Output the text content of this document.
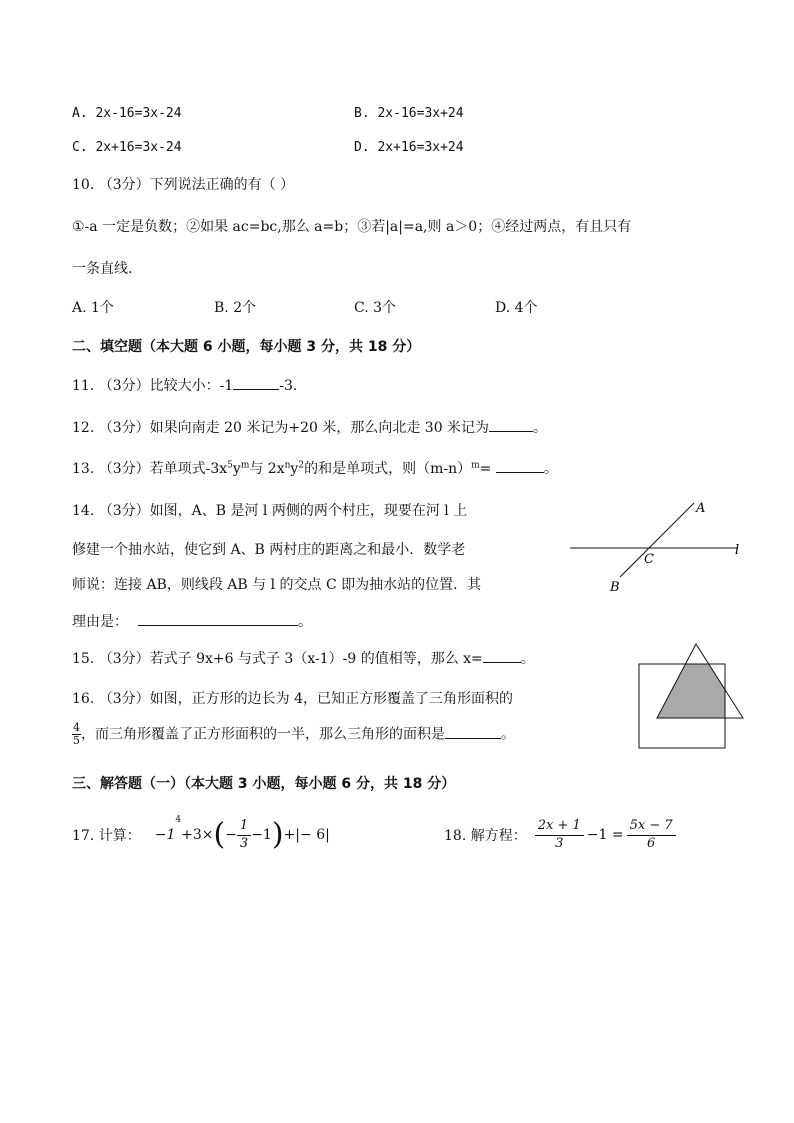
A. 2x-16=3x-24	B. 2x-16=3x+24
C. 2x+16=3x-24	D. 2x+16=3x+24
10. （3分）下列说法正确的有（ ）
①-a 一定是负数；②如果 ac=bc,那么 a=b；③若|a|=a,则 a＞0；④经过两点，有且只有
一条直线.
A. 1个	B. 2个	C. 3个	D. 4个
二、填空题（本大题 6 小题，每小题 3 分，共 18 分）
11. （3分）比较大小：-1	-3.
12. （3分）如果向南走 20 米记为+20 米，那么向北走 30 米记为	。
13. （3分）若单项式$-3x^5y^m$与 $2x^ny^2$的和是单项式，则$(m-n)^m=$	。
14. （3分）如图，A、B 是河 l 两侧的两个村庄，现要在河 l 上
修建一个抽水站，使它到 A、B 两村庄的距离之和最小．数学老
师说：连接 AB，则线段 AB 与 l 的交点 C 即为抽水站的位置．其
理由是：	。
A
B
C
l
15. （3分）若式子 9x+6 与式子 3（x-1）-9 的值相等，那么 x=	。
16. （3分）如图，正方形的边长为 4，已知正方形覆盖了三角形面积的
$\frac{4}{5}$ ，而三角形覆盖了正方形面积的一半，那么三角形的面积是	。
三、解答题（一）（本大题 3 小题，每小题 6 分，共 18 分）
17. 计算： −1
4
+3× ( − $\frac{1}{3} -1$ ) +|− 6|	18. 解方程： $\frac{2x + 1}{3} -1 = \frac{5x - 7}{6}$
